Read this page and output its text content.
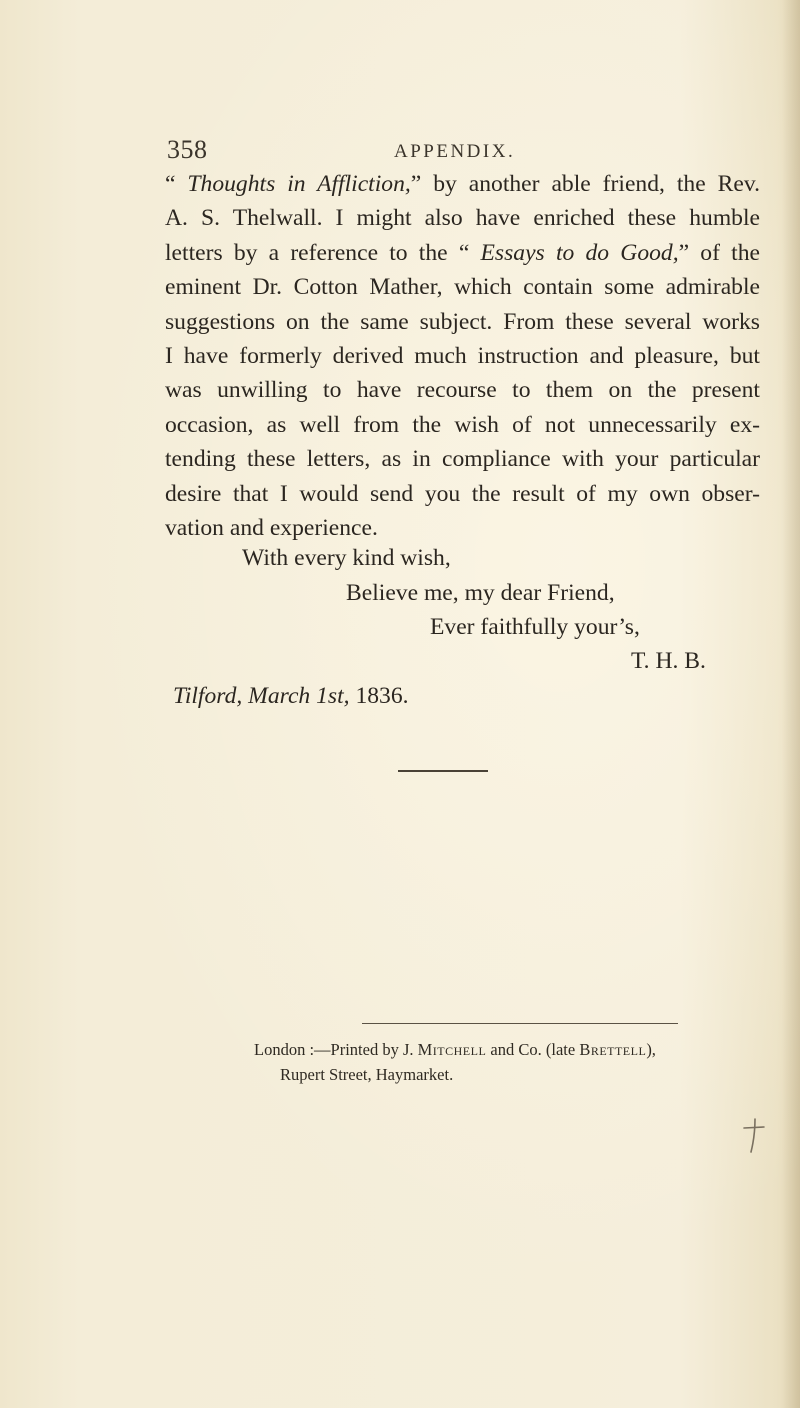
358	APPENDIX.
“ Thoughts in Affliction,” by another able friend, the Rev.
A. S. Thelwall. I might also have enriched these humble
letters by a reference to the “ Essays to do Good,” of the
eminent Dr. Cotton Mather, which contain some admirable
suggestions on the same subject. From these several works
I have formerly derived much instruction and pleasure, but
was unwilling to have recourse to them on the present
occasion, as well from the wish of not unnecessarily ex-
tending these letters, as in compliance with your particular
desire that I would send you the result of my own obser-
vation and experience.
With every kind wish,
Believe me, my dear Friend,
Ever faithfully your’s,
T. H. B.
Tilford, March 1st, 1836.
London :—Printed by J. Mitchell and Co. (late Brettell),
Rupert Street, Haymarket.
